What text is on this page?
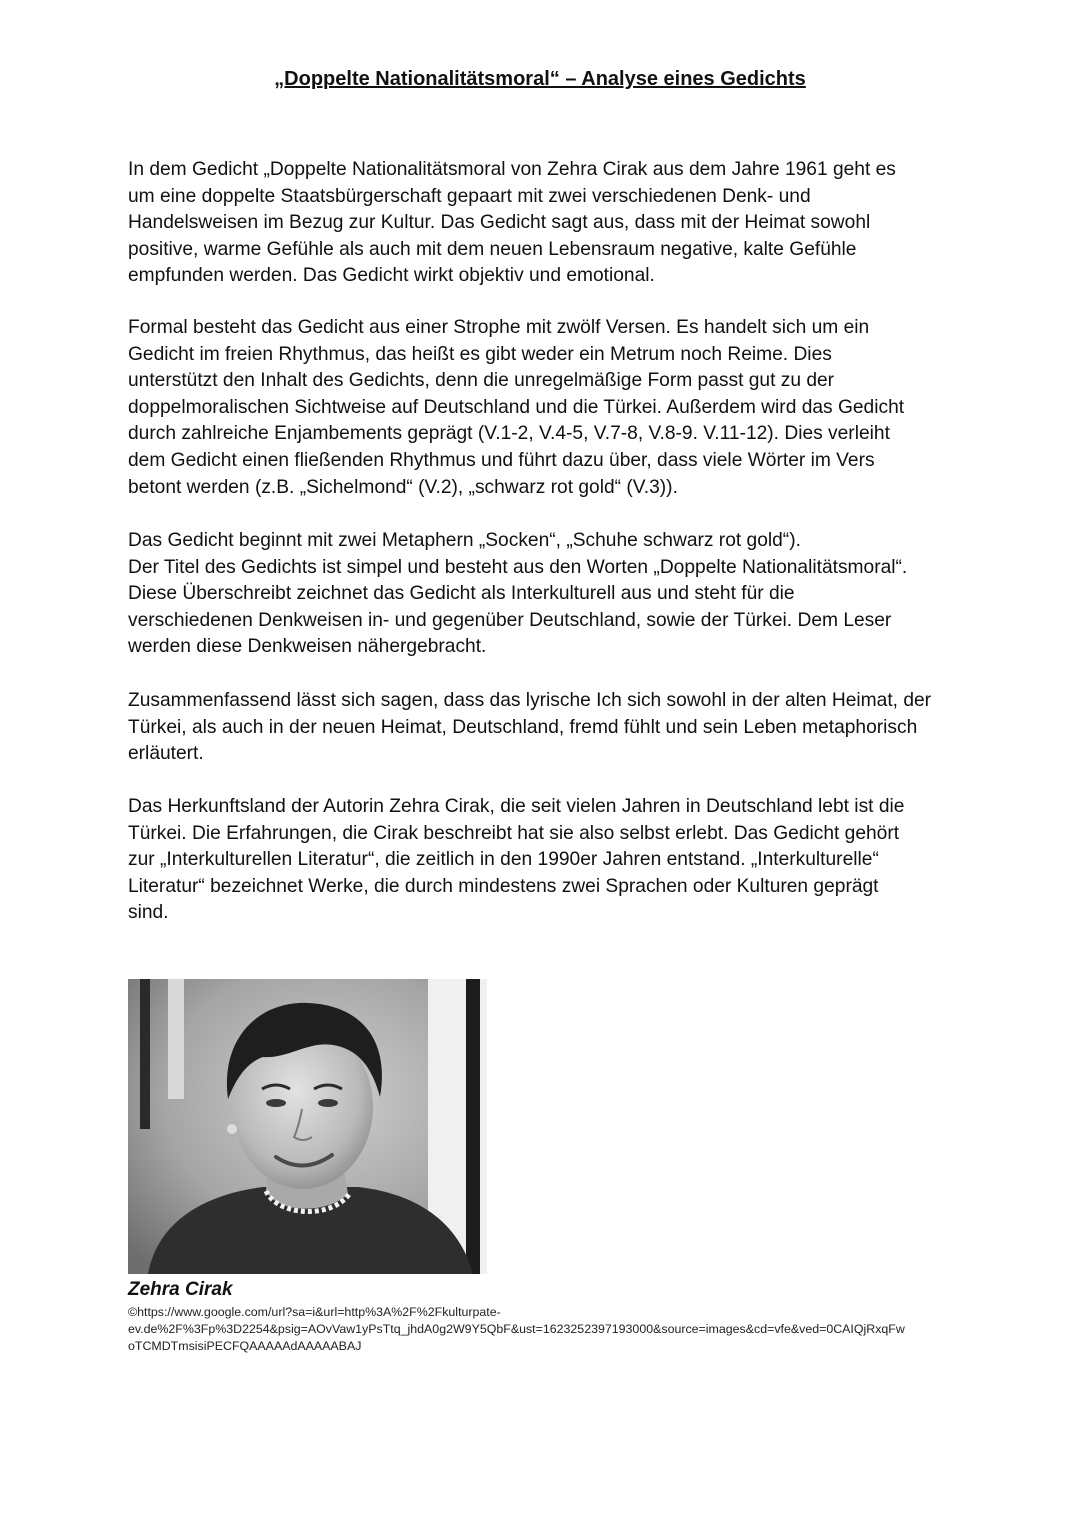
„Doppelte Nationalitätsmoral“ – Analyse eines Gedichts

In dem Gedicht „Doppelte Nationalitätsmoral von Zehra Cirak aus dem Jahre 1961 geht es
um eine doppelte Staatsbürgerschaft gepaart mit zwei verschiedenen Denk- und
Handelsweisen im Bezug zur Kultur. Das Gedicht sagt aus, dass mit der Heimat sowohl
positive, warme Gefühle als auch mit dem neuen Lebensraum negative, kalte Gefühle
empfunden werden. Das Gedicht wirkt objektiv und emotional.

Formal besteht das Gedicht aus einer Strophe mit zwölf Versen. Es handelt sich um ein
Gedicht im freien Rhythmus, das heißt es gibt weder ein Metrum noch Reime. Dies
unterstützt den Inhalt des Gedichts, denn die unregelmäßige Form passt gut zu der
doppelmoralischen Sichtweise auf Deutschland und die Türkei. Außerdem wird das Gedicht
durch zahlreiche Enjambements geprägt (V.1-2, V.4-5, V.7-8, V.8-9. V.11-12). Dies verleiht
dem Gedicht einen fließenden Rhythmus und führt dazu über, dass viele Wörter im Vers
betont werden (z.B. „Sichelmond“ (V.2), „schwarz rot gold“ (V.3)).

Das Gedicht beginnt mit zwei Metaphern „Socken“, „Schuhe schwarz rot gold“).
Der Titel des Gedichts ist simpel und besteht aus den Worten „Doppelte Nationalitätsmoral“.
Diese Überschreibt zeichnet das Gedicht als Interkulturell aus und steht für die
verschiedenen Denkweisen in- und gegenüber Deutschland, sowie der Türkei. Dem Leser
werden diese Denkweisen nähergebracht.

Zusammenfassend lässt sich sagen, dass das lyrische Ich sich sowohl in der alten Heimat, der
Türkei, als auch in der neuen Heimat, Deutschland, fremd fühlt und sein Leben metaphorisch
erläutert.

Das Herkunftsland der Autorin Zehra Cirak, die seit vielen Jahren in Deutschland lebt ist die
Türkei. Die Erfahrungen, die Cirak beschreibt hat sie also selbst erlebt. Das Gedicht gehört
zur „Interkulturellen Literatur“, die zeitlich in den 1990er Jahren entstand. „Interkulturelle“
Literatur“ bezeichnet Werke, die durch mindestens zwei Sprachen oder Kulturen geprägt
sind.

Zehra Cirak

©https://www.google.com/url?sa=i&url=http%3A%2F%2Fkulturpate-
ev.de%2F%3Fp%3D2254&psig=AOvVaw1yPsTtq_jhdA0g2W9Y5QbF&ust=1623252397193000&source=images&cd=vfe&ved=0CAIQjRxqFw
oTCMDTmsisiPECFQAAAAAdAAAAABAJ
